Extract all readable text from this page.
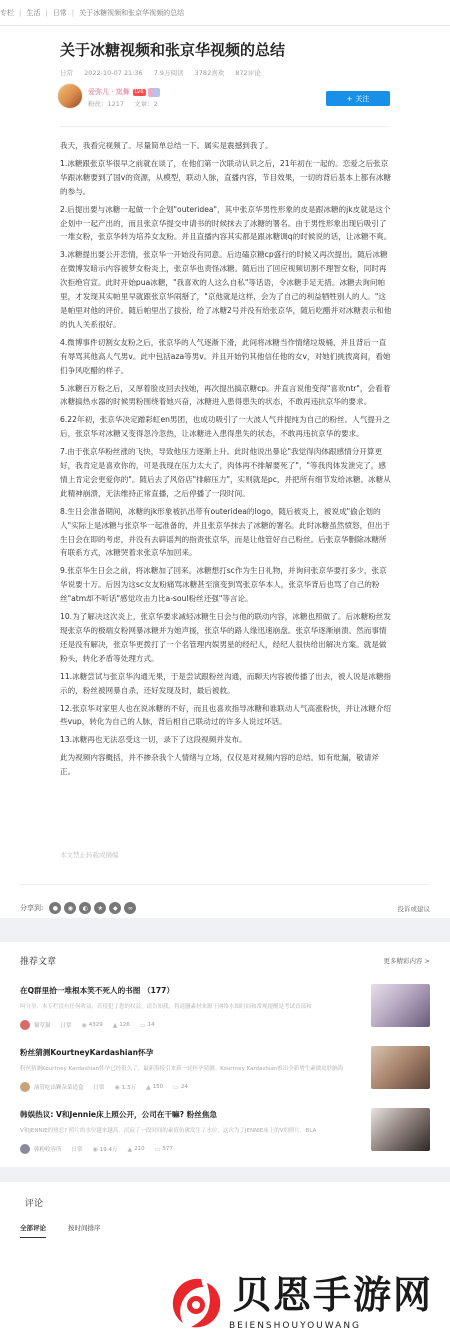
专栏 | 生活 | 日常 | 关于冰糖视频和张京华视频的总结
关于冰糖视频和张京华视频的总结
日常 2022-10-07 21:36 7.9万阅读 3782喜欢 872评论
爱弥儿 · 岚舞	LV6
粉丝：1217 文章：2
+ 关注

我天，我看完视频了。尽量简单总结一下。属实是震撼到我了。

1.冰糖跟张京华很早之前就在谈了，在他们第一次联动认识之后，21年初在一起的。恋爱之后张京华跟冰糖要到了国v的资源，从模型，联动人脉，直播内容，节目效果，一切的背后基本上都有冰糖的参与。

2.后提出要与冰糖一起做一个企划"outeridea"，其中张京华男性形象的皮是跟冰糖的jk皮就是这个企划中一起产出的，而且张京华提交申请书的时候抹去了冰糖的署名。由于男性形象出现后吸引了一堆女粉，张京华转为培养女友粉。并且直播内容其实都是跟冰糖调q的时候说的话，让冰糖不爽。

3.冰糖提出要公开恋情，张京华一开始没有同意。后边磕京糖cp盛行的时候又再次提出。随后冰糖在微博发暗示内容被梦女粉炎上，张京华也责怪冰糖。随后出了回应视频切割不理智女粉，同时再次拒绝官宣。此时开始pua冰糖，"我喜欢的人这么自私"等话语，令冰糖手足无措。冰糖去询问帕里，才发现其实帕里早就跟张京华闹掰了，"京他就是这样，会为了自己的利益牺牲别人的人。"这是帕里对他的评价。随后帕里出了拔扮，给了冰糖2号并没有给张京华，随后吃醋并对冰糖表示和他的仇人关系很好。

4.微博事件切割女友粉之后，张京华的人气逐渐下滑，此间将冰糖当作情绪垃圾桶，并且背后一直有辱骂其他高人气男v。此中包括aza等男v。并且开始钓其他信任他的女v，对她们挑拨离间，看她们争风吃醋的样子。

5.冰糖百万粉之后，又厚着脸皮回去找她，再次提出搞京糖cp。并直言说他变得"喜欢ntr"，会看着冰糖搞热水器的时候男粉围绕着她兴奋，冰糖进入患得患失的状态，不敢再违抗京华的要求。

6.22年初，张京华决定蹭彩虹en男团，也成功吸引了一大波人气并提纯为自己的粉丝。人气提升之后，张京华对冰糖又变得忽冷忽热，让冰糖进入患得患失的状态，不敢再违抗京华的要求。

7.由于张京华粉丝涨的飞快，导致他压力逐渐上升。此时他说出暴论"我觉得肉体跟感情分开算更好，我肯定是喜欢你的，可是我现在压力太大了，肉体再不排解要死了"，"等我肉体发泄完了，感情上肯定会更爱你的"。随后去了风俗店"排解压力"，实则就是pc，并把所有细节发给冰糖。冰糖从此精神崩溃，无法维持正常直播，之后停播了一段时间。

8.生日会准备期间，冰糖的jk形象被扒出带有outeridea的logo，随后被炎上，被说成"偷企划的人"实际上是冰糖与张京华一起准备的，并且张京华抹去了冰糖的署名。此时冰糖虽然愤怒，但出于生日会在即的考虑，并没有去辟谣判的指责张京华，而是让他管好自己粉丝。后张京华删除冰糖所有联系方式，冰糖哭着求张京华加回来。

9.张京华生日会之前，将冰糖加了回来。冰糖想打sc作为生日礼物，并询问张京华要打多少，张京华说要十万。后因为这sc女友粉痛骂冰糖甚至演变到骂张京华本人，张京华背后也骂了自己的粉丝"atm却不听话"感觉攻击力比a-soul粉丝还强"等言论。

10.为了解决这次炎上，张京华要求减轻冰糖生日会与他的联动内容，冰糖也照做了。后冰糖粉丝发现张京华的极端女粉网暴冰糖并为她声援，张京华的路人缘迅速崩盘。张京华逐渐崩溃。然而事情还是没有解决，张京华更拨打了一个名管理内娱男星的经纪人，经纪人很快给出解决方案。就是做粉头，转化矛盾等处理方式。

11.冰糖尝试与张京华沟通无果，于是尝试跟粉丝沟通，而聊天内容被传播了出去，被人说是冰糖指示的，粉丝被网暴自杀，还好发现及时，最后被救。

12.张京华对家里人也在说冰糖的不好，而且也喜欢指导冰糖和谁联动人气高涨粉快，并让冰糖介绍些vup，转化为自己的人脉，背后相自己联动过的许多人说过坏话。

13.冰糖再也无法忍受这一切，录下了这段视频并发布。

此为视频内容概括，并不掺杂我个人情绪与立场，仅仅是对视频内容的总结。如有纰漏，敬请斧正。

本文禁止转载或摘编
分享到:	●	◉	◐	★	◆	∞	投诉或建议
推荐文章	更多精彩内容 >
在Q群里拾一堆根本笑不死人的书图 （177）
叫分享、本专栏没有任何收益，若侵犯了您的权益，请告知我，将退删素材来源于网络水图时间和常规提醒是考试首部和
猫草猫 日常 ◉ 4329 ▲ 126 ▭ 14
粉丝猜测KourtneyKardashian怀孕
粉丝猜测Kourtney Kardashian怀孕已经很久了，最新海报引来新一轮怀孕猜测。Kourtney Kardashian推出全新增生素做皮肤脑海
演管吃出颗杂菜适盒 日常 ◉ 1.3万 ▲ 150 ▭ 24
韩娱热议: V和Jennie床上照公开，公司在干嘛? 粉丝焦急
V和JENNIE的热恋? 照片的水位越来越高。沉寂了一段时间的素值仿佛发生了水位，这次为了JENNIE床上的V的照片，BLA
韩粉收容所 日常 ◉ 19.4万 ▲ 210 ▭ 577
评论
全部评论	按时间排序
贝恩手游网
BEIENSHOUYOUWANG
